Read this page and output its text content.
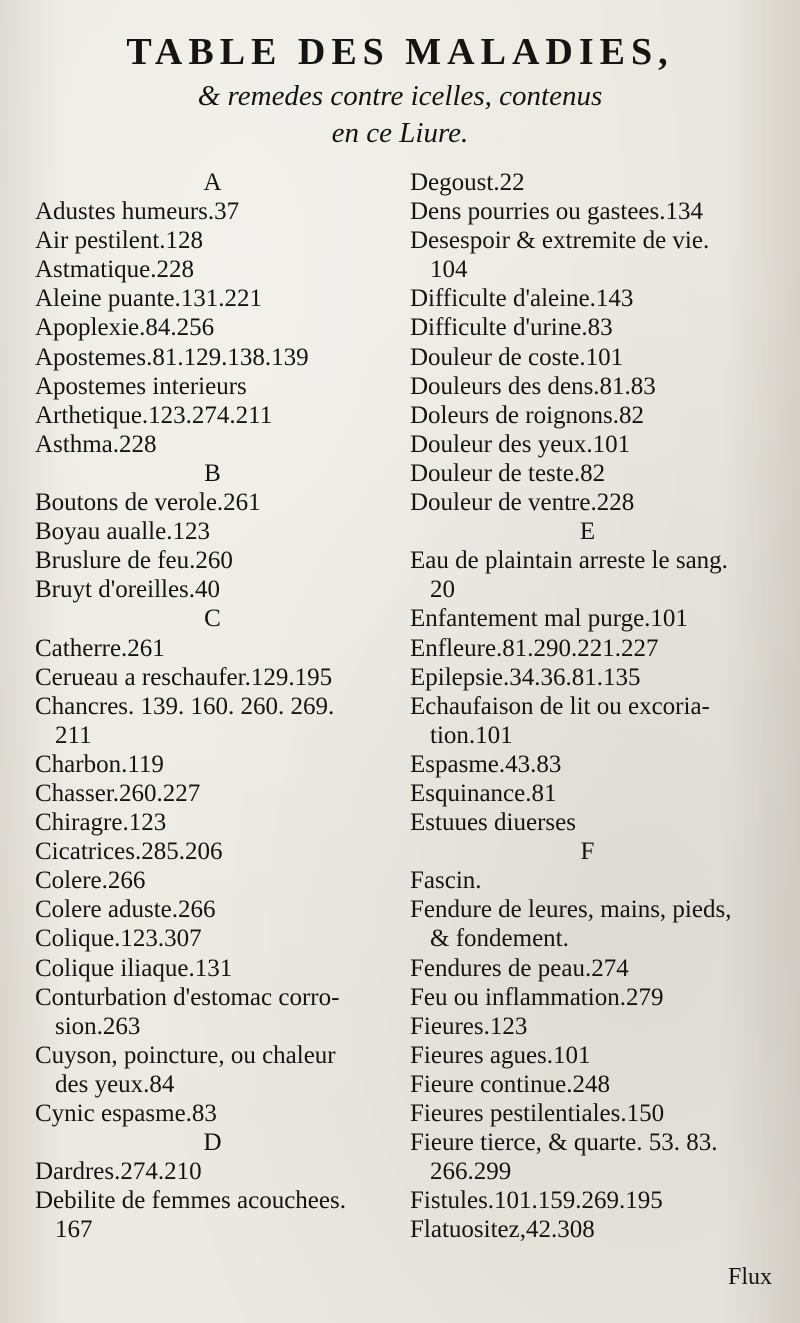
TABLE DES MALADIES,
& remedes contre icelles, contenus
en ce Liure.
A
Adustes humeurs.37
Air pestilent.128
Astmatique.228
Aleine puante.131.221
Apoplexie.84.256
Apostemes.81.129.138.139
Apostemes interieurs
Arthetique.123.274.211
Asthma.228
B
Boutons de verole.261
Boyau aualle.123
Bruslure de feu.260
Bruyt d'oreilles.40
C
Catherre.261
Cerueau a reschaufer.129.195
Chancres. 139. 160. 260. 269.
211
Charbon.119
Chasser.260.227
Chiragre.123
Cicatrices.285.206
Colere.266
Colere aduste.266
Colique.123.307
Colique iliaque.131
Conturbation d'estomac corro-
sion.263
Cuyson, poincture, ou chaleur
des yeux.84
Cynic espasme.83
D
Dardres.274.210
Debilite de femmes acouchees.
167
Degoust.22
Dens pourries ou gastees.134
Desespoir & extremite de vie.
104
Difficulte d'aleine.143
Difficulte d'urine.83
Douleur de coste.101
Douleurs des dens.81.83
Doleurs de roignons.82
Douleur des yeux.101
Douleur de teste.82
Douleur de ventre.228
E
Eau de plaintain arreste le sang.
20
Enfantement mal purge.101
Enfleure.81.290.221.227
Epilepsie.34.36.81.135
Echaufaison de lit ou excoria-
tion.101
Espasme.43.83
Esquinance.81
Estuues diuerses
F
Fascin.
Fendure de leures, mains, pieds,
& fondement.
Fendures de peau.274
Feu ou inflammation.279
Fieures.123
Fieures agues.101
Fieure continue.248
Fieures pestilentiales.150
Fieure tierce, & quarte. 53. 83.
266.299
Fistules.101.159.269.195
Flatuositez,42.308
Flux
